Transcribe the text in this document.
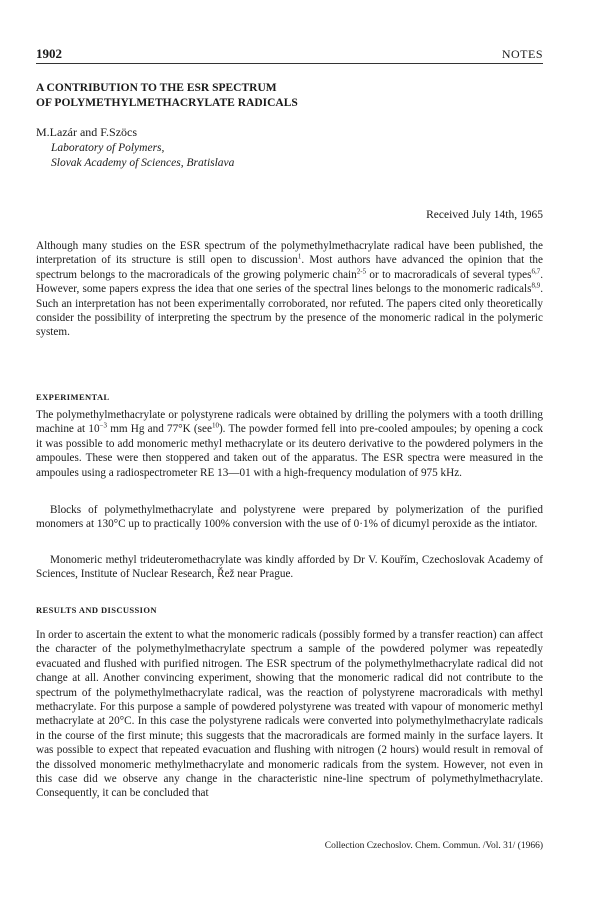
1902	NOTES
A CONTRIBUTION TO THE ESR SPECTRUM
OF POLYMETHYLMETHACRYLATE RADICALS
M.Lazár and F.Szöcs
Laboratory of Polymers,
Slovak Academy of Sciences, Bratislava
Received July 14th, 1965

Although many studies on the ESR spectrum of the polymethylmethacrylate radical have been published, the interpretation of its structure is still open to discussion$^1$. Most authors have advanced the opinion that the spectrum belongs to the macroradicals of the growing polymeric chain$^{2-5}$ or to macroradicals of several types$^{6,7}$. However, some papers express the idea that one series of the spectral lines belongs to the monomeric radicals$^{8,9}$. Such an interpretation has not been experimentally corroborated, nor refuted. The papers cited only theoretically consider the possibility of interpreting the spectrum by the presence of the monomeric radical in the polymeric system.

EXPERIMENTAL

The polymethylmethacrylate or polystyrene radicals were obtained by drilling the polymers with a tooth drilling machine at $10^{-3}$ mm Hg and 77°K (see$^{10}$). The powder formed fell into pre-cooled ampoules; by opening a cock it was possible to add monomeric methyl methacrylate or its deutero derivative to the powdered polymers in the ampoules. These were then stoppered and taken out of the apparatus. The ESR spectra were measured in the ampoules using a radiospectrometer RE 13—01 with a high-frequency modulation of 975 kHz.

Blocks of polymethylmethacrylate and polystyrene were prepared by polymerization of the purified monomers at 130°C up to practically 100% conversion with the use of 0·1% of dicumyl peroxide as the intiator.

Monomeric methyl trideuteromethacrylate was kindly afforded by Dr V. Kouřím, Czechoslovak Academy of Sciences, Institute of Nuclear Research, Řež near Prague.

RESULTS AND DISCUSSION

In order to ascertain the extent to what the monomeric radicals (possibly formed by a transfer reaction) can affect the character of the polymethylmethacrylate spectrum a sample of the powdered polymer was repeatedly evacuated and flushed with purified nitrogen. The ESR spectrum of the polymethylmethacrylate radical did not change at all. Another convincing experiment, showing that the monomeric radical did not contribute to the spectrum of the polymethylmethacrylate radical, was the reaction of polystyrene macroradicals with methyl methacrylate. For this purpose a sample of powdered polystyrene was treated with vapour of monomeric methyl methacrylate at 20°C. In this case the polystyrene radicals were converted into polymethylmethacrylate radicals in the course of the first minute; this suggests that the macroradicals are formed mainly in the surface layers. It was possible to expect that repeated evacuation and flushing with nitrogen (2 hours) would result in removal of the dissolved monomeric methylmethacrylate and monomeric radicals from the system. However, not even in this case did we observe any change in the characteristic nine-line spectrum of polymethylmethacrylate. Consequently, it can be concluded that

Collection Czechoslov. Chem. Commun. /Vol. 31/ (1966)
